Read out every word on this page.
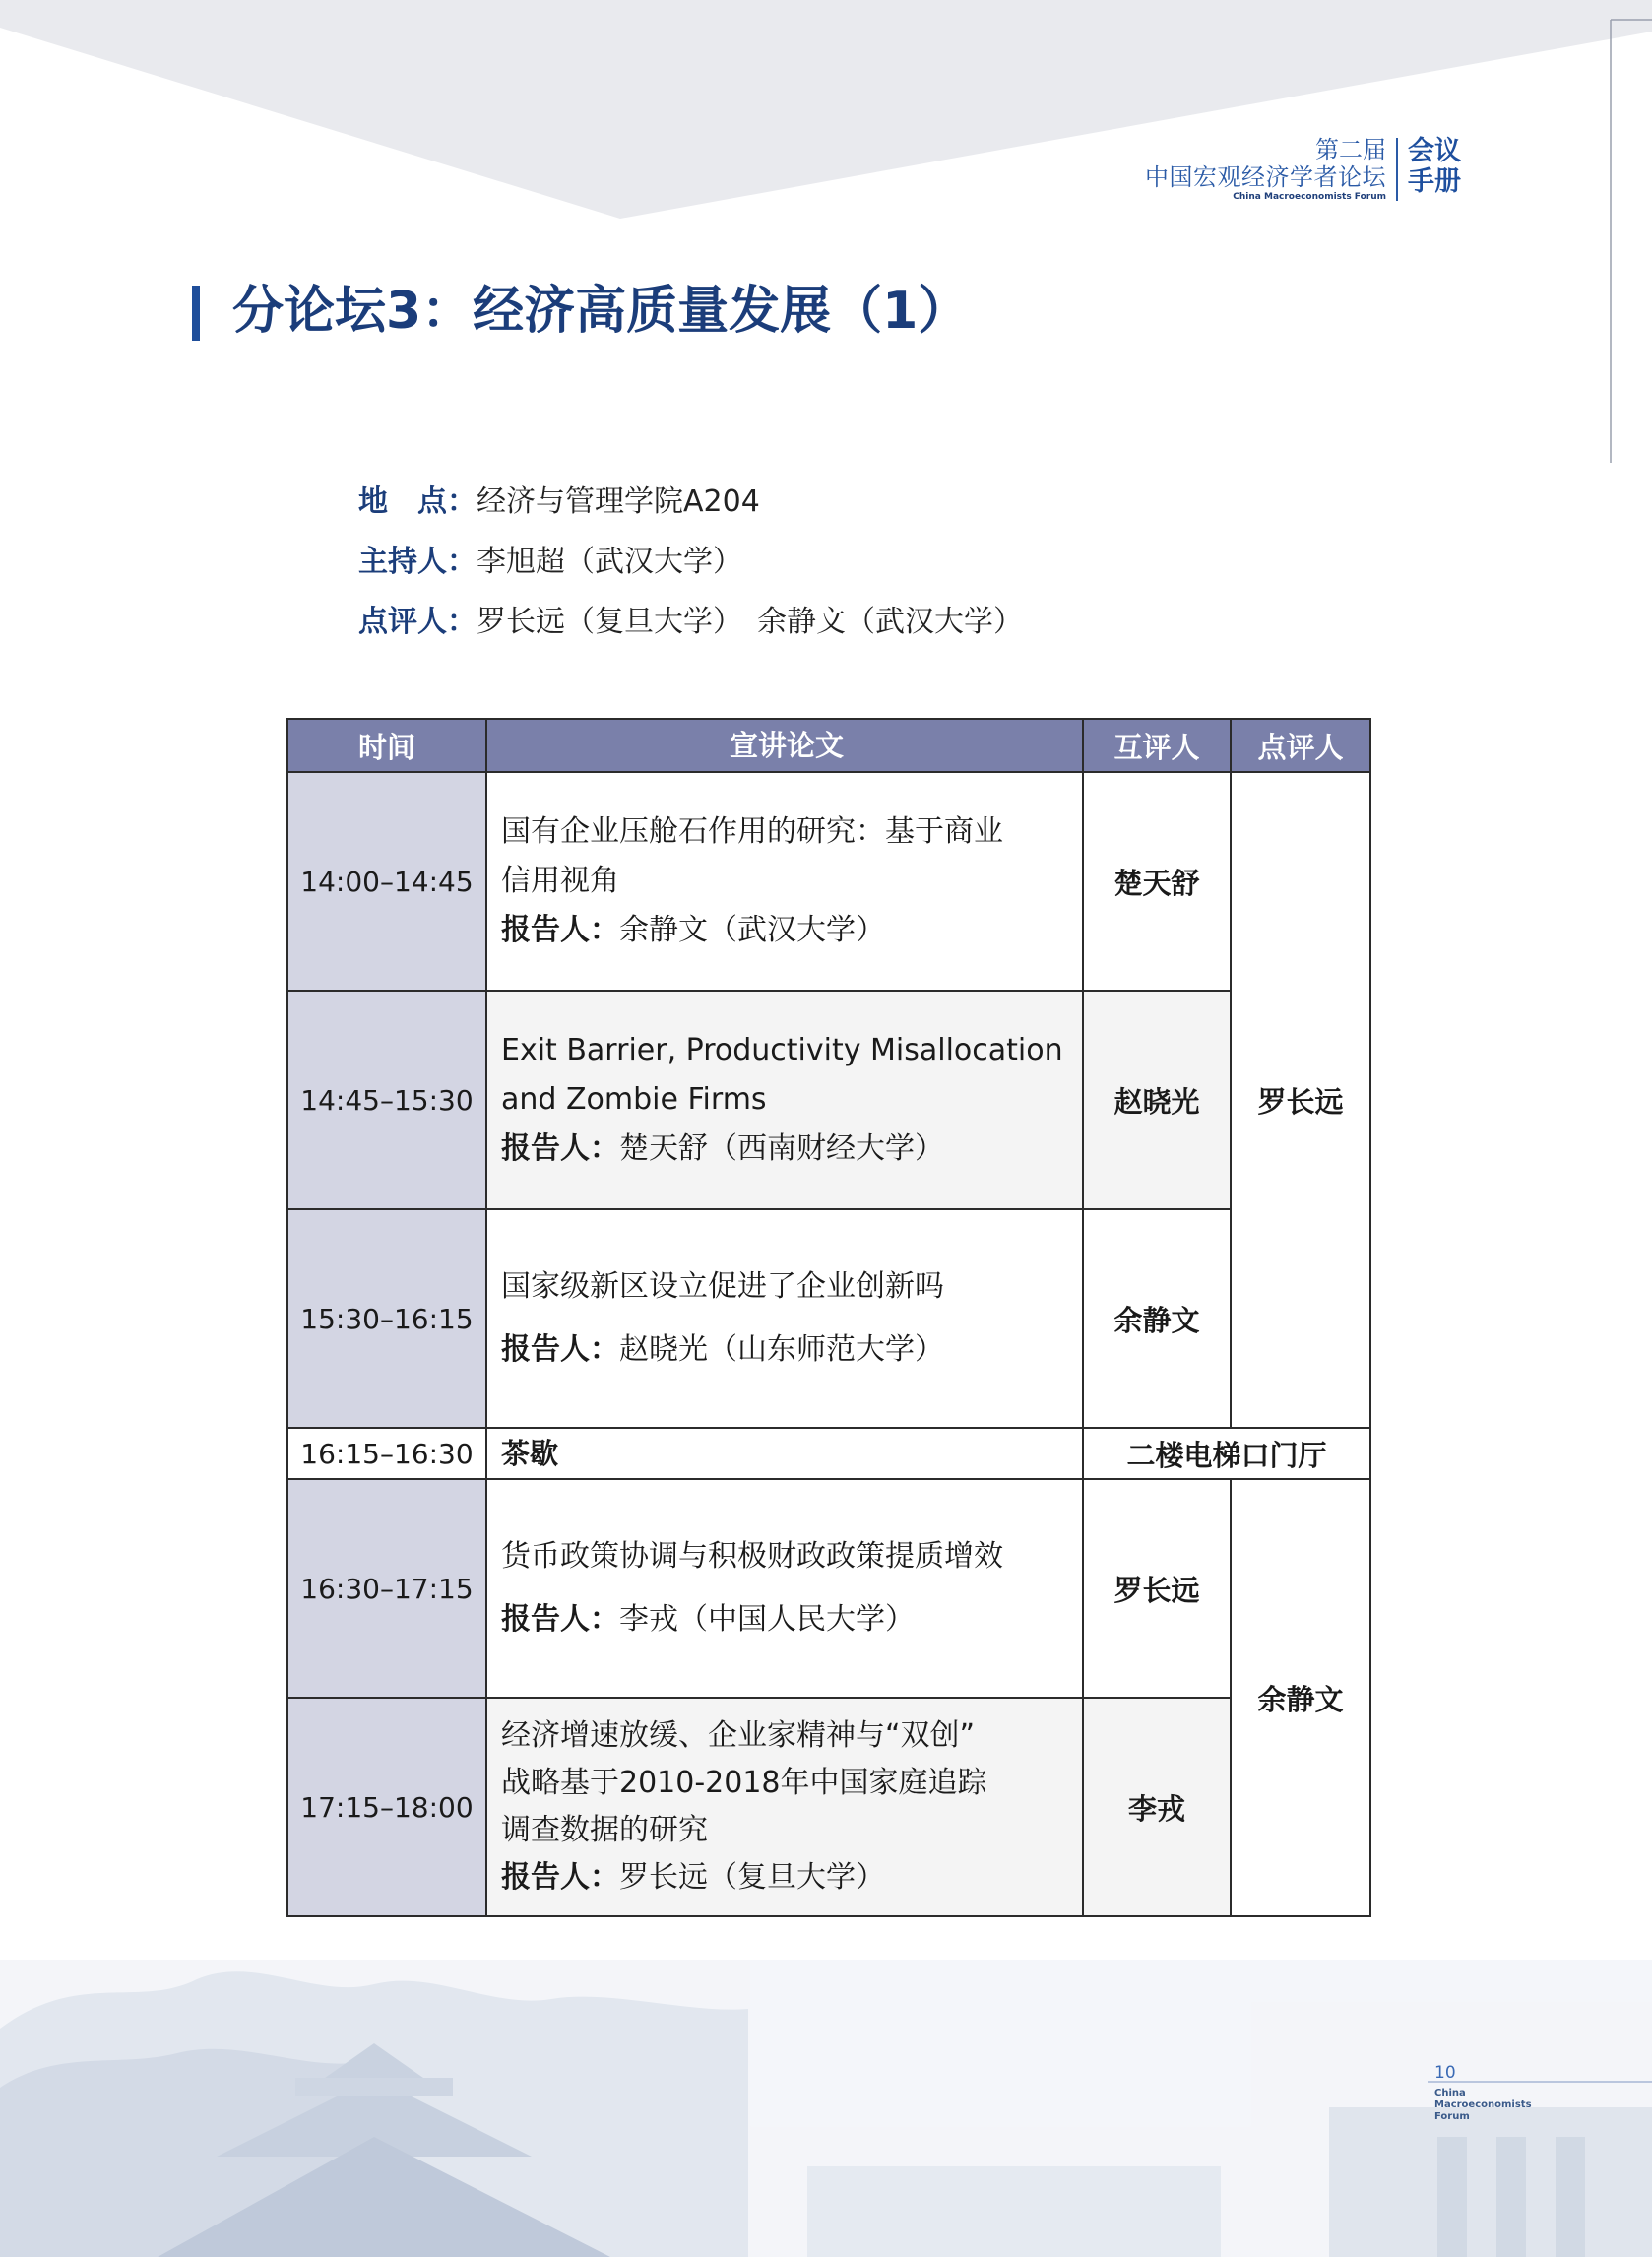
第二届
中国宏观经济学者论坛
China Macroeconomists Forum
会议
手册
分论坛3：经济高质量发展（1）
地　点：经济与管理学院A204
主持人：李旭超（武汉大学）
点评人：罗长远（复旦大学）　余静文（武汉大学）
时间	宣讲论文	互评人	点评人
14:00–14:45	国有企业压舱石作用的研究：基于商业
信用视角
报告人：余静文（武汉大学）	楚天舒	罗长远
14:45–15:30	Exit Barrier, Productivity Misallocation
and Zombie Firms
报告人：楚天舒（西南财经大学）	赵晓光	
15:30–16:15	国家级新区设立促进了企业创新吗
报告人：赵晓光（山东师范大学）	余静文	
16:15–16:30	茶歇	二楼电梯口门厅	
16:30–17:15	货币政策协调与积极财政政策提质增效
报告人：李戎（中国人民大学）	罗长远	余静文
17:15–18:00	经济增速放缓、企业家精神与“双创”
战略基于2010-2018年中国家庭追踪
调查数据的研究
报告人：罗长远（复旦大学）	李戎	
10
China
Macroeconomists
Forum
